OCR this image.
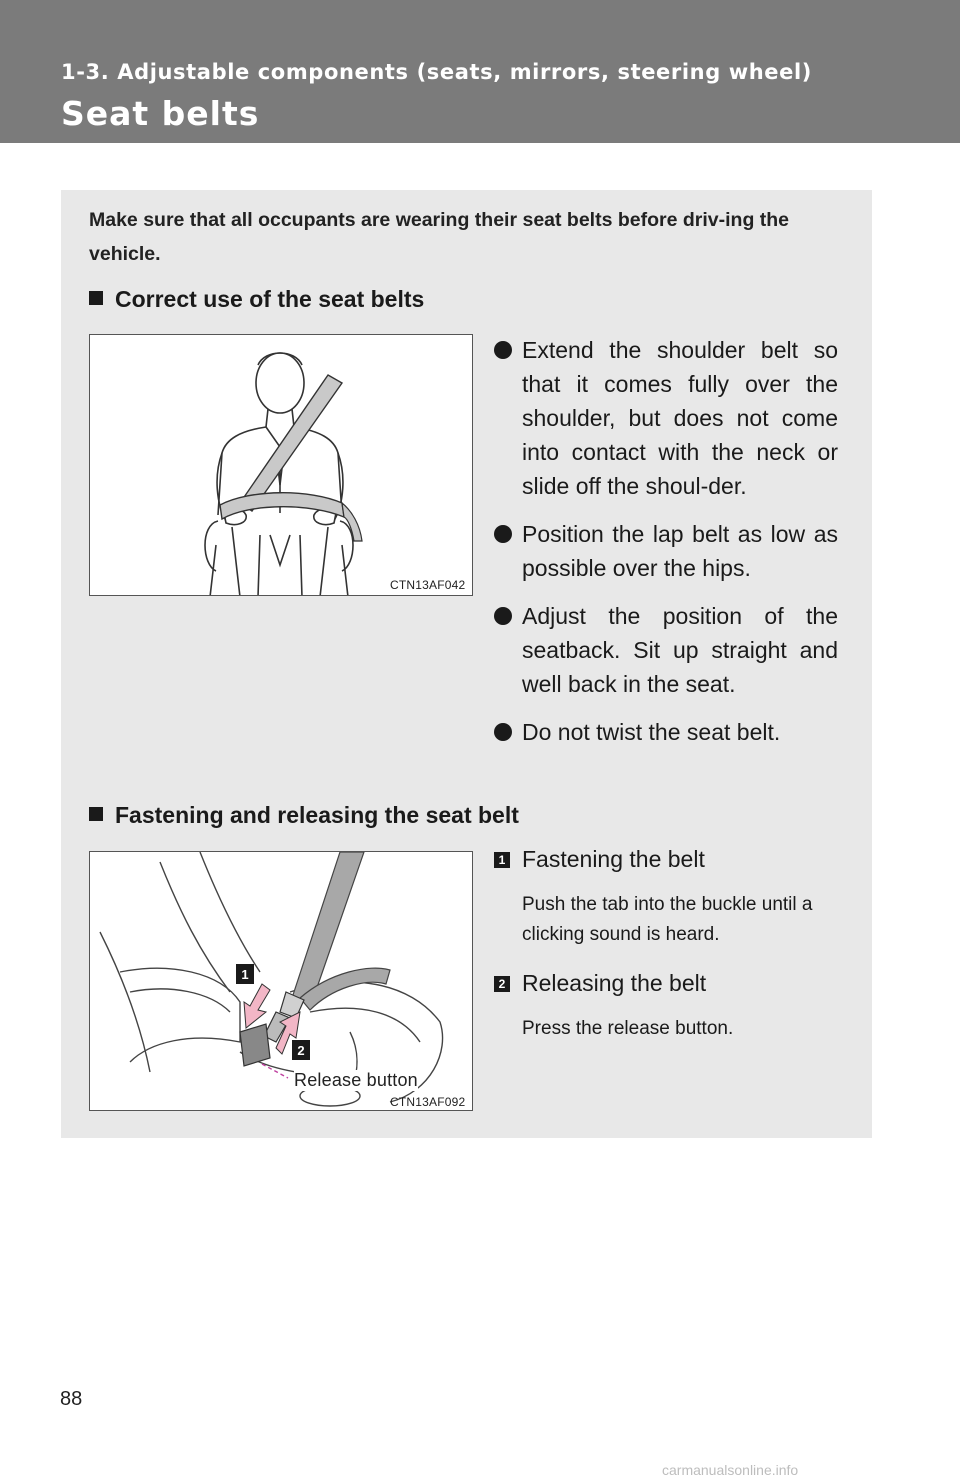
1-3. Adjustable components (seats, mirrors, steering wheel)
Seat belts
Make sure that all occupants are wearing their seat belts before driv-ing the vehicle.
Correct use of the seat belts
CTN13AF042
Extend the shoulder belt so that it comes fully over the shoulder, but does not come into contact with the neck or slide off the shoul-der.
Position the lap belt as low as possible over the hips.
Adjust the position of the seatback. Sit up straight and well back in the seat.
Do not twist the seat belt.
Fastening and releasing the seat belt
1
2
Release button
CTN13AF092
1 Fastening the belt
Push the tab into the buckle until a clicking sound is heard.
2 Releasing the belt
Press the release button.
88
carmanualsonline.info
